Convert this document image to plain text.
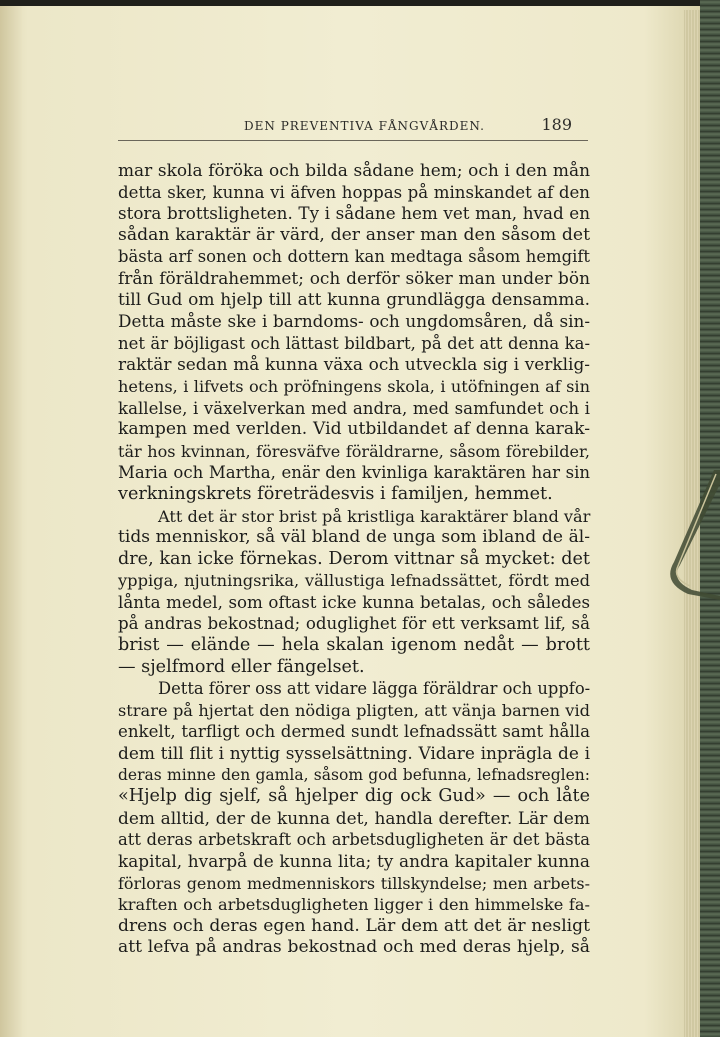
DEN PREVENTIVA FÅNGVÅRDEN.	189
mar skola föröka och bilda sådane hem; och i den mån
detta sker, kunna vi äfven hoppas på minskandet af den
stora brottsligheten. Ty i sådane hem vet man, hvad en
sådan karaktär är värd, der anser man den såsom det
bästa arf sonen och dottern kan medtaga såsom hemgift
från föräldrahemmet; och derför söker man under bön
till Gud om hjelp till att kunna grundlägga densamma.
Detta måste ske i barndoms- och ungdomsåren, då sin-
net är böjligast och lättast bildbart, på det att denna ka-
raktär sedan må kunna växa och utveckla sig i verklig-
hetens, i lifvets och pröfningens skola, i utöfningen af sin
kallelse, i växelverkan med andra, med samfundet och i
kampen med verlden. Vid utbildandet af denna karak-
tär hos kvinnan, föresväfve föräldrarne, såsom förebilder,
Maria och Martha, enär den kvinliga karaktären har sin
verkningskrets företrädesvis i familjen, hemmet.
Att det är stor brist på kristliga karaktärer bland vår
tids menniskor, så väl bland de unga som ibland de äl-
dre, kan icke förnekas. Derom vittnar så mycket: det
yppiga, njutningsrika, vällustiga lefnadssättet, fördt med
lånta medel, som oftast icke kunna betalas, och således
på andras bekostnad; oduglighet för ett verksamt lif, så
brist — elände — hela skalan igenom nedåt — brott
— sjelfmord eller fängelset.
Detta förer oss att vidare lägga föräldrar och uppfo-
strare på hjertat den nödiga pligten, att vänja barnen vid
enkelt, tarfligt och dermed sundt lefnadssätt samt hålla
dem till flit i nyttig sysselsättning. Vidare inprägla de i
deras minne den gamla, såsom god befunna, lefnadsreglen:
«Hjelp dig sjelf, så hjelper dig ock Gud» — och låte
dem alltid, der de kunna det, handla derefter. Lär dem
att deras arbetskraft och arbetsdugligheten är det bästa
kapital, hvarpå de kunna lita; ty andra kapitaler kunna
förloras genom medmenniskors tillskyndelse; men arbets-
kraften och arbetsdugligheten ligger i den himmelske fa-
drens och deras egen hand. Lär dem att det är nesligt
att lefva på andras bekostnad och med deras hjelp, så
